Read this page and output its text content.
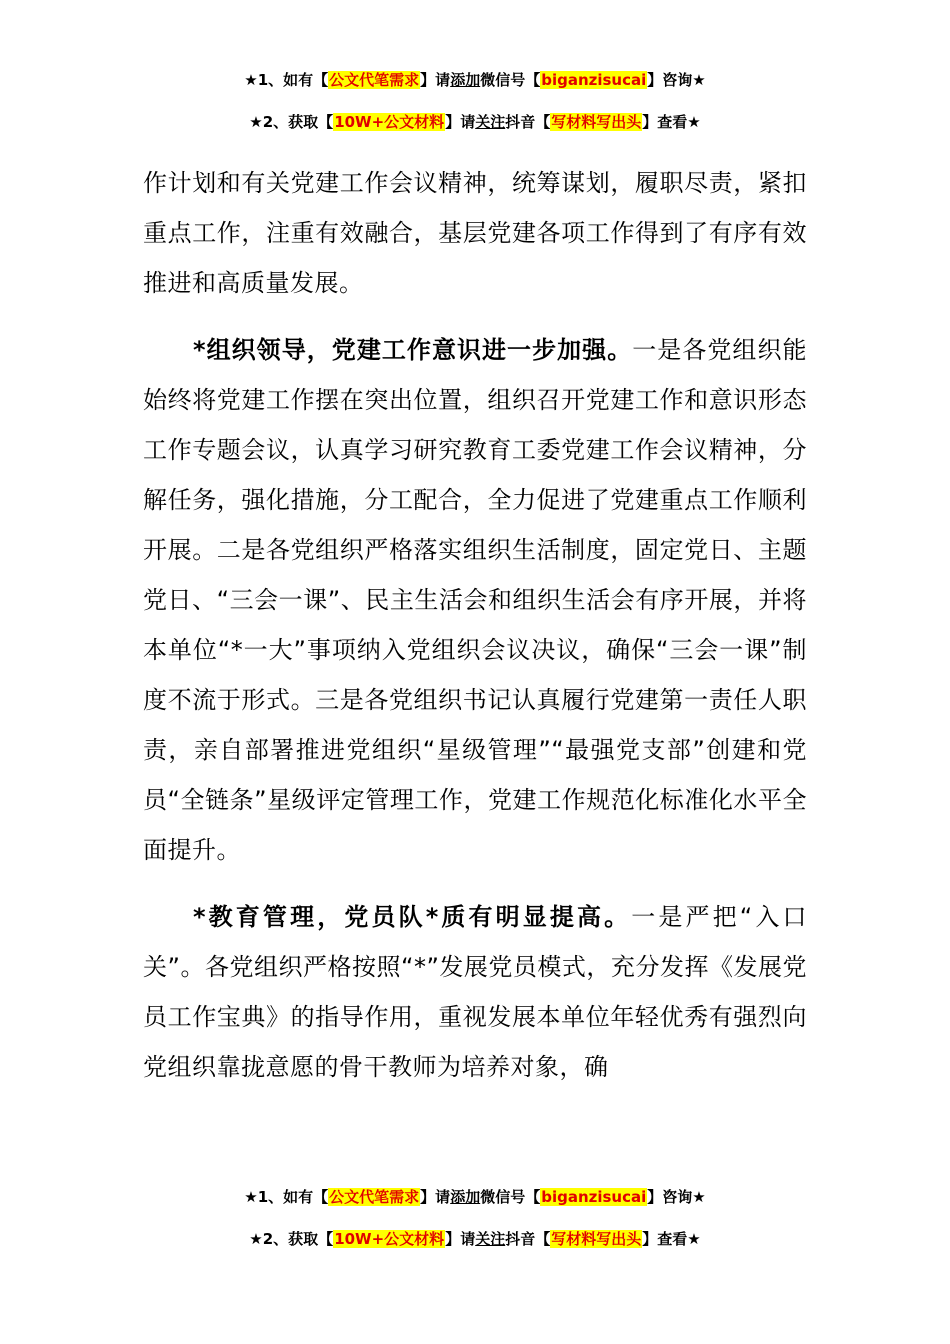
★1、如有【公文代笔需求】请添加微信号【biganzisucai】咨询★
★2、获取【10W+公文材料】请关注抖音【写材料写出头】查看★

作计划和有关党建工作会议精神，统筹谋划，履职尽责，紧扣重点工作，注重有效融合，基层党建各项工作得到了有序有效推进和高质量发展。

*组织领导，党建工作意识进一步加强。一是各党组织能始终将党建工作摆在突出位置，组织召开党建工作和意识形态工作专题会议，认真学习研究教育工委党建工作会议精神，分解任务，强化措施，分工配合，全力促进了党建重点工作顺利开展。二是各党组织严格落实组织生活制度，固定党日、主题党日、“三会一课”、民主生活会和组织生活会有序开展，并将本单位“*一大”事项纳入党组织会议决议，确保“三会一课”制度不流于形式。三是各党组织书记认真履行党建第一责任人职责，亲自部署推进党组织“星级管理”“最强党支部”创建和党员“全链条”星级评定管理工作，党建工作规范化标准化水平全面提升。

*教育管理，党员队*质有明显提高。一是严把“入口关”。各党组织严格按照“*”发展党员模式，充分发挥《发展党员工作宝典》的指导作用，重视发展本单位年轻优秀有强烈向党组织靠拢意愿的骨干教师为培养对象，确

★1、如有【公文代笔需求】请添加微信号【biganzisucai】咨询★
★2、获取【10W+公文材料】请关注抖音【写材料写出头】查看★
